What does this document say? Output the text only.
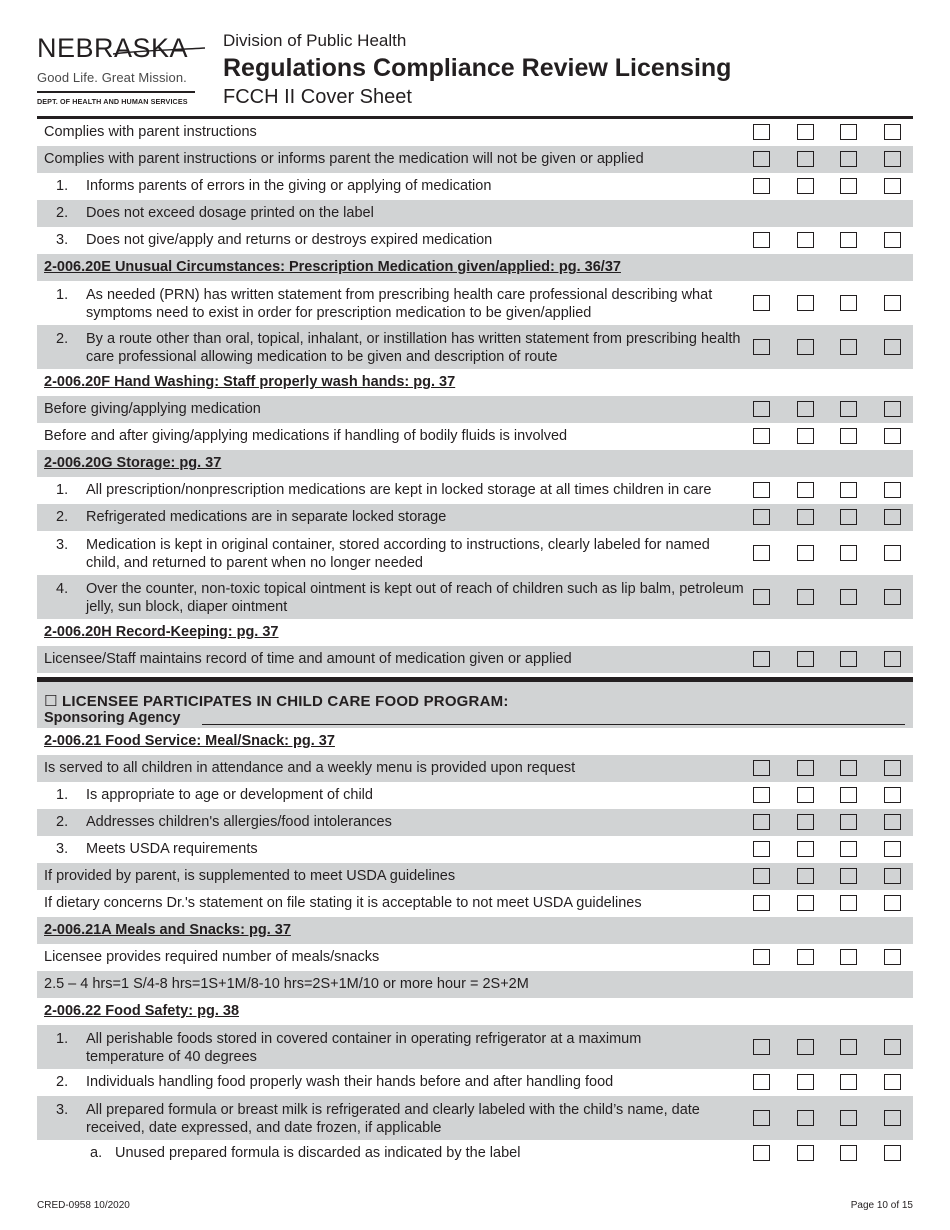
NEBRASKA
Good Life. Great Mission.
DEPT. OF HEALTH AND HUMAN SERVICES
Division of Public Health
Regulations Compliance Review Licensing
FCCH II Cover Sheet
Complies with parent instructions
Complies with parent instructions or informs parent the medication will not be given or applied
1. Informs parents of errors in the giving or applying of medication
2. Does not exceed dosage printed on the label
3. Does not give/apply and returns or destroys expired medication
2-006.20E Unusual Circumstances: Prescription Medication given/applied: pg. 36/37
1. As needed (PRN) has written statement from prescribing health care professional describing what symptoms need to exist in order for prescription medication to be given/applied
2. By a route other than oral, topical, inhalant, or instillation has written statement from prescribing health care professional allowing medication to be given and description of route
2-006.20F Hand Washing: Staff properly wash hands: pg. 37
Before giving/applying medication
Before and after giving/applying medications if handling of bodily fluids is involved
2-006.20G Storage: pg. 37
1. All prescription/nonprescription medications are kept in locked storage at all times children in care
2. Refrigerated medications are in separate locked storage
3. Medication is kept in original container, stored according to instructions, clearly labeled for named child, and returned to parent when no longer needed
4. Over the counter, non-toxic topical ointment is kept out of reach of children such as lip balm, petroleum jelly, sun block, diaper ointment
2-006.20H Record-Keeping: pg. 37
Licensee/Staff maintains record of time and amount of medication given or applied
☐ LICENSEE PARTICIPATES IN CHILD CARE FOOD PROGRAM:
Sponsoring Agency
2-006.21 Food Service: Meal/Snack: pg. 37
Is served to all children in attendance and a weekly menu is provided upon request
1. Is appropriate to age or development of child
2. Addresses children's allergies/food intolerances
3. Meets USDA requirements
If provided by parent, is supplemented to meet USDA guidelines
If dietary concerns Dr.'s statement on file stating it is acceptable to not meet USDA guidelines
2-006.21A Meals and Snacks: pg. 37
Licensee provides required number of meals/snacks
2.5 – 4 hrs=1 S/4-8 hrs=1S+1M/8-10 hrs=2S+1M/10 or more hour = 2S+2M
2-006.22 Food Safety: pg. 38
1. All perishable foods stored in covered container in operating refrigerator at a maximum temperature of 40 degrees
2. Individuals handling food properly wash their hands before and after handling food
3. All prepared formula or breast milk is refrigerated and clearly labeled with the child’s name, date received, date expressed, and date frozen, if applicable
a. Unused prepared formula is discarded as indicated by the label
CRED-0958 10/2020	Page 10 of 15
